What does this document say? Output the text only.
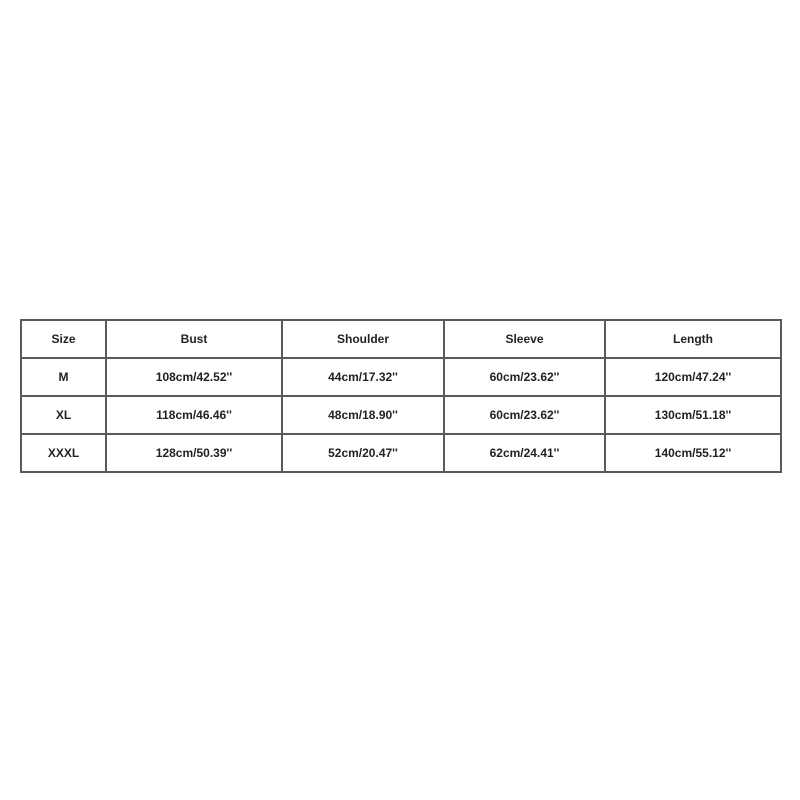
Size	Bust	Shoulder	Sleeve	Length
M	108cm/42.52''	44cm/17.32''	60cm/23.62''	120cm/47.24''
XL	118cm/46.46''	48cm/18.90''	60cm/23.62''	130cm/51.18''
XXXL	128cm/50.39''	52cm/20.47''	62cm/24.41''	140cm/55.12''
